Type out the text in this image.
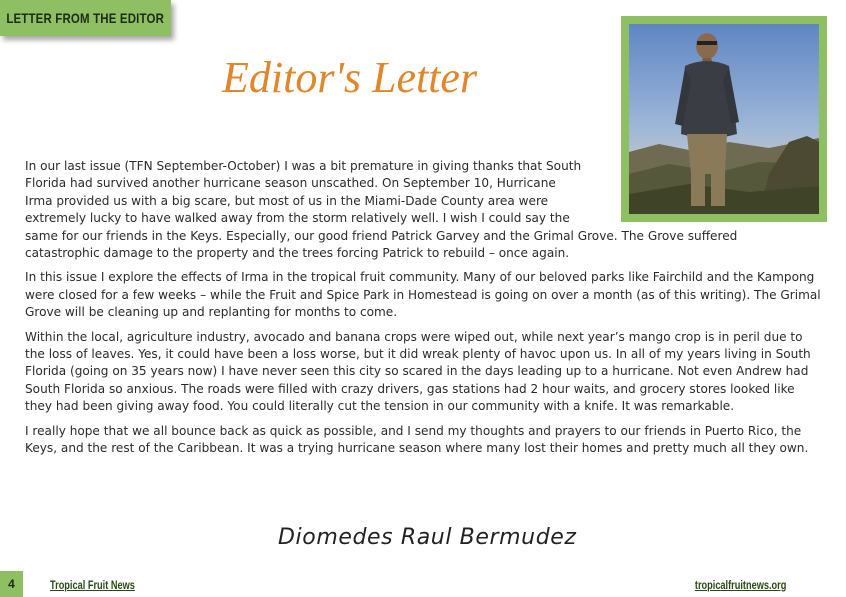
LETTER FROM THE EDITOR
Editor's Letter

In our last issue (TFN September-October) I was a bit premature in giving thanks that South
Florida had survived another hurricane season unscathed. On September 10, Hurricane
Irma provided us with a big scare, but most of us in the Miami-Dade County area were
extremely lucky to have walked away from the storm relatively well. I wish I could say the
same for our friends in the Keys. Especially, our good friend Patrick Garvey and the Grimal Grove. The Grove suffered
catastrophic damage to the property and the trees forcing Patrick to rebuild – once again.

In this issue I explore the effects of Irma in the tropical fruit community. Many of our beloved parks like Fairchild and the Kampong were closed for a few weeks – while the Fruit and Spice Park in Homestead is going on over a month (as of this writing). The Grimal Grove will be cleaning up and replanting for months to come.

Within the local, agriculture industry, avocado and banana crops were wiped out, while next year’s mango crop is in peril due to the loss of leaves. Yes, it could have been a loss worse, but it did wreak plenty of havoc upon us. In all of my years living in South Florida (going on 35 years now) I have never seen this city so scared in the days leading up to a hurricane. Not even Andrew had South Florida so anxious. The roads were filled with crazy drivers, gas stations had 2 hour waits, and grocery stores looked like they had been giving away food. You could literally cut the tension in our community with a knife. It was remarkable.

I really hope that we all bounce back as quick as possible, and I send my thoughts and prayers to our friends in Puerto Rico, the Keys, and the rest of the Caribbean. It was a trying hurricane season where many lost their homes and pretty much all they own.

Diomedes Raul Bermudez
4	Tropical Fruit News	tropicalfruitnews.org
